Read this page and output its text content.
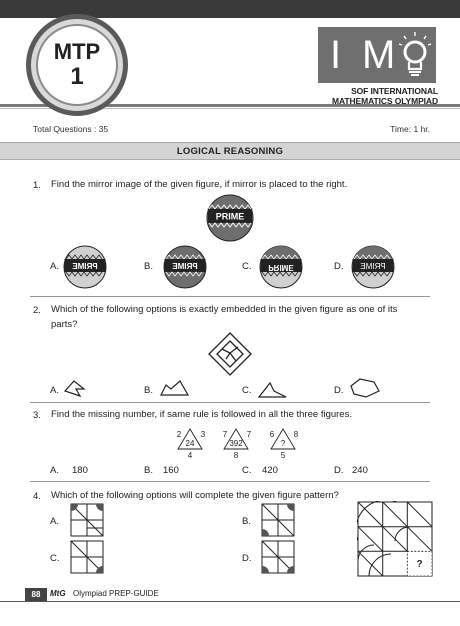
MTP
1	I M
SOF INTERNATIONAL
MATHEMATICS OLYMPIAD
Total Questions : 35	Time: 1 hr.
LOGICAL REASONING
1. Find the mirror image of the given figure, if mirror is placed to the right.
PRIME
A. PRIME	B. PRIME	C. PRIME	D. PRIME
2. Which of the following options is exactly embedded in the given figure as one of its
parts?
A.	B.	C.	D.
3. Find the missing number, if same rule is followed in all the three figures.
2 3
24
4
7 7
392
8
6 8
?
5
A. 180	B. 160	C. 420	D. 240
4. Which of the following options will complete the given figure pattern?
A.	B.
C.	D.
?
88	MtG Olympiad PREP-GUIDE
